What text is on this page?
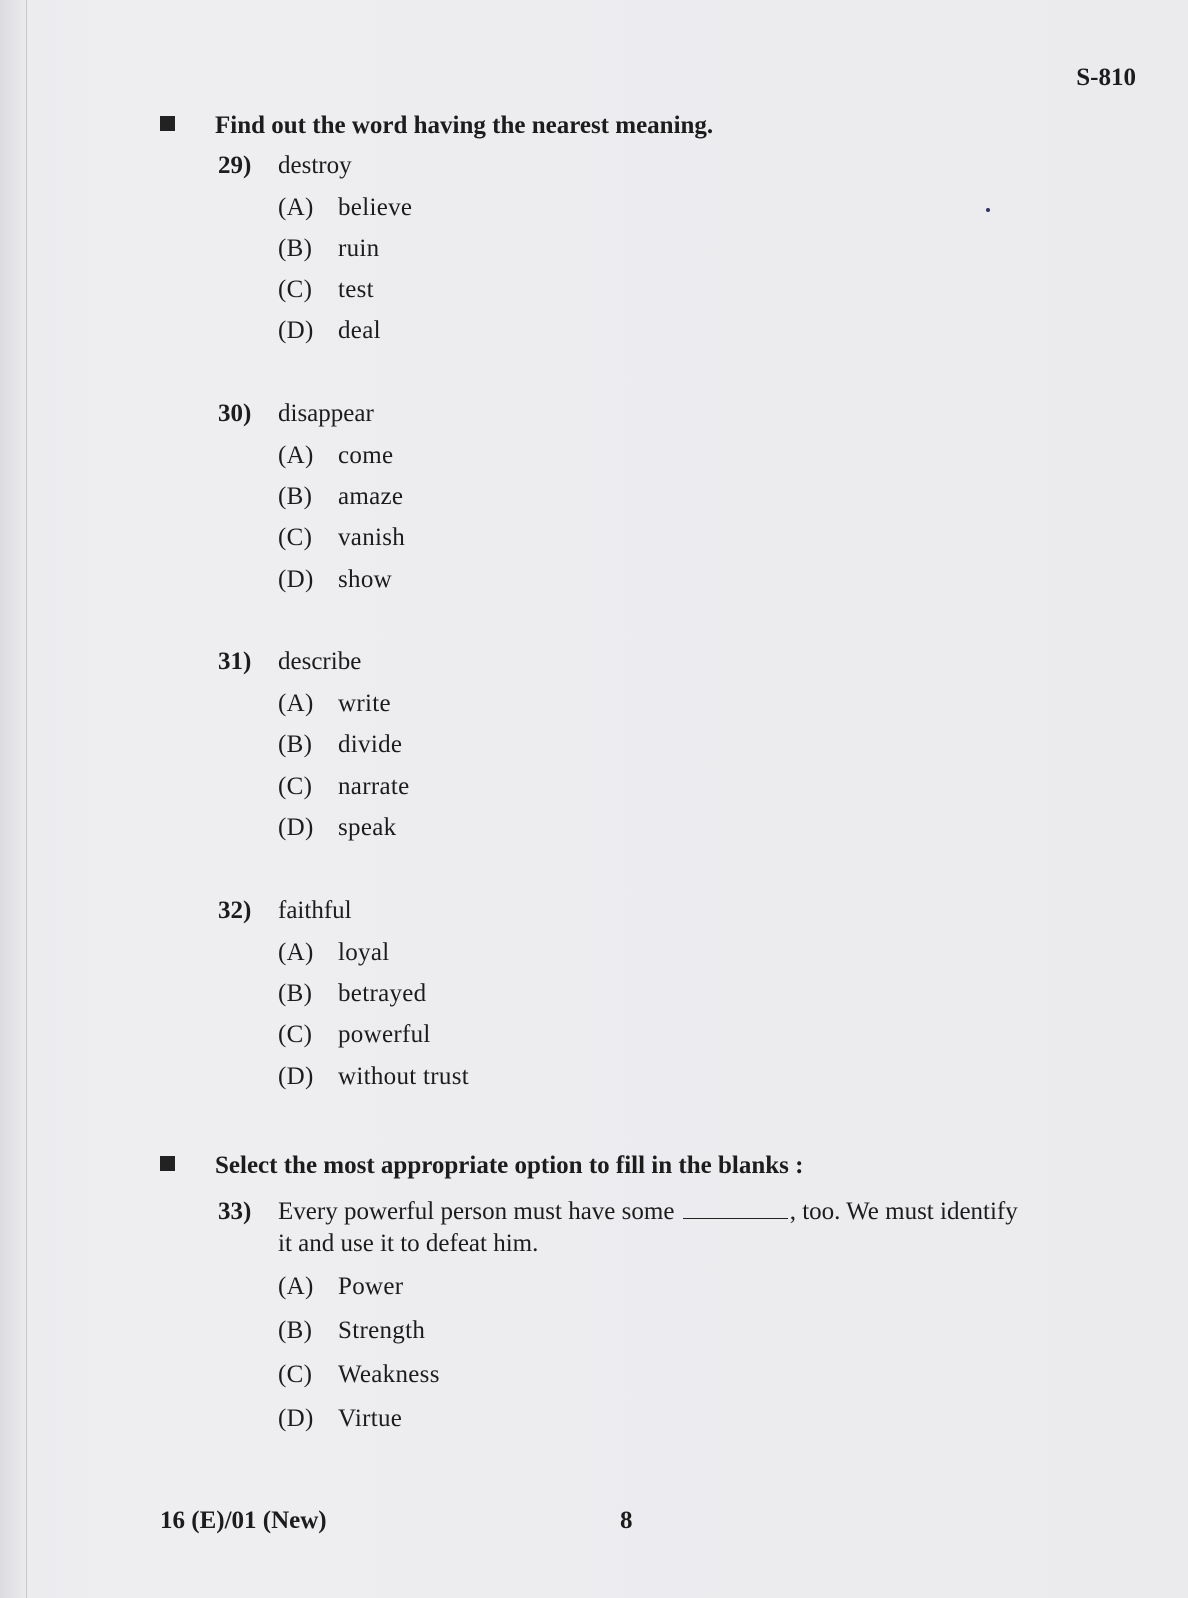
S-810
Find out the word having the nearest meaning.
29) destroy
(A) believe
(B) ruin
(C) test
(D) deal
30) disappear
(A) come
(B) amaze
(C) vanish
(D) show
31) describe
(A) write
(B) divide
(C) narrate
(D) speak
32) faithful
(A) loyal
(B) betrayed
(C) powerful
(D) without trust
Select the most appropriate option to fill in the blanks :
33) Every powerful person must have some	, too. We must identify
it and use it to defeat him.
(A) Power
(B) Strength
(C) Weakness
(D) Virtue
16 (E)/01 (New)	8
